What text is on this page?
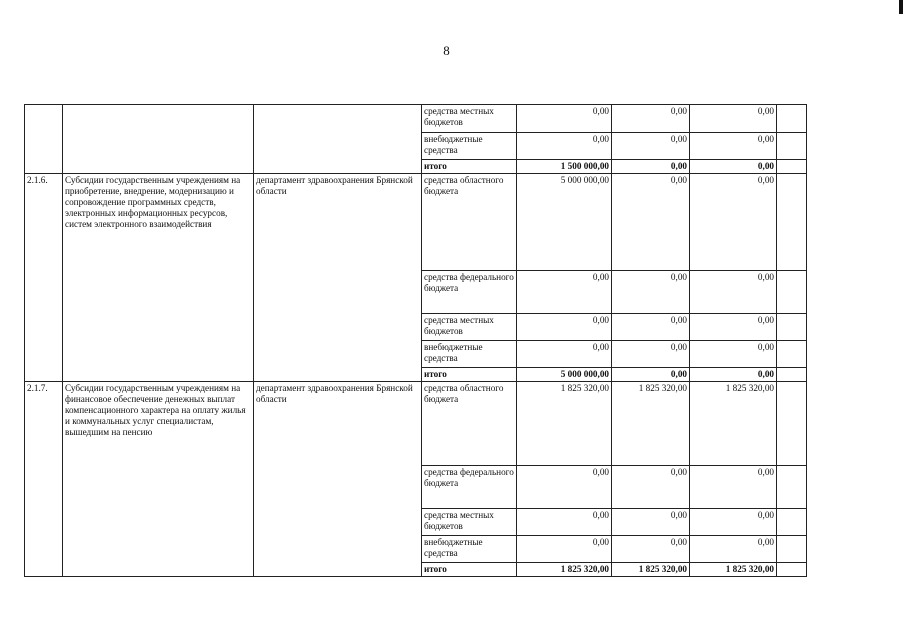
8
			средства местных бюджетов	0,00	0,00	0,00	
			внебюджетные средства	0,00	0,00	0,00	
			итого	1 500 000,00	0,00	0,00	
2.1.6.	Субсидии государственным учреждениям на приобретение, внедрение, модернизацию и сопровождение программных средств, электронных информационных ресурсов, систем электронного взаимодействия	департамент здравоохранения Брянской области	средства областного бюджета	5 000 000,00	0,00	0,00	
			средства федерального бюджета	0,00	0,00	0,00	
			средства местных бюджетов	0,00	0,00	0,00	
			внебюджетные средства	0,00	0,00	0,00	
			итого	5 000 000,00	0,00	0,00	
2.1.7.	Субсидии государственным учреждениям на финансовое обеспечение денежных выплат компенсационного характера на оплату жилья и коммунальных услуг специалистам, вышедшим на пенсию	департамент здравоохранения Брянской области	средства областного бюджета	1 825 320,00	1 825 320,00	1 825 320,00	
			средства федерального бюджета	0,00	0,00	0,00	
			средства местных бюджетов	0,00	0,00	0,00	
			внебюджетные средства	0,00	0,00	0,00	
			итого	1 825 320,00	1 825 320,00	1 825 320,00	
